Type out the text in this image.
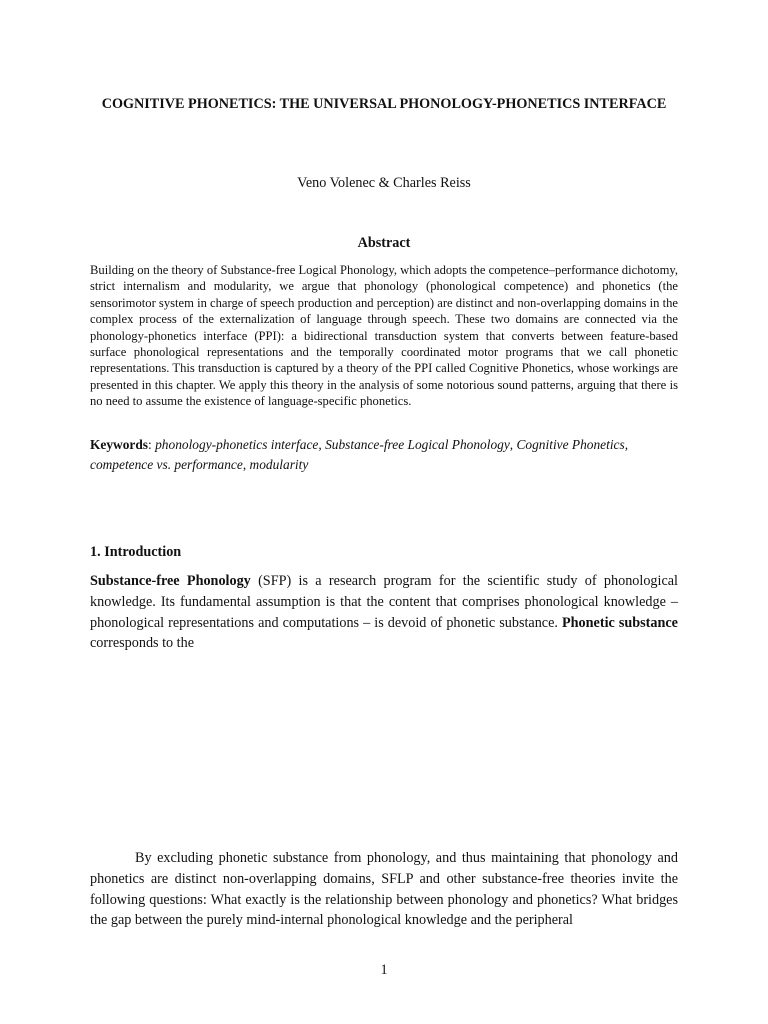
COGNITIVE PHONETICS: THE UNIVERSAL PHONOLOGY-PHONETICS INTERFACE
Veno Volenec & Charles Reiss
Abstract

Building on the theory of Substance-free Logical Phonology, which adopts the competence–performance dichotomy, strict internalism and modularity, we argue that phonology (phonological competence) and phonetics (the sensorimotor system in charge of speech production and perception) are distinct and non-overlapping domains in the complex process of the externalization of language through speech. These two domains are connected via the phonology-phonetics interface (PPI): a bidirectional transduction system that converts between feature-based surface phonological representations and the temporally coordinated motor programs that we call phonetic representations. This transduction is captured by a theory of the PPI called Cognitive Phonetics, whose workings are presented in this chapter. We apply this theory in the analysis of some notorious sound patterns, arguing that there is no need to assume the existence of language-specific phonetics.

Keywords: phonology-phonetics interface, Substance-free Logical Phonology, Cognitive Phonetics, competence vs. performance, modularity

1. Introduction

Substance-free Phonology (SFP) is a research program for the scientific study of phonological knowledge. Its fundamental assumption is that the content that comprises phonological knowledge – phonological representations and computations – is devoid of phonetic substance. Phonetic substance corresponds to the

By excluding phonetic substance from phonology, and thus maintaining that phonology and phonetics are distinct non-overlapping domains, SFLP and other substance-free theories invite the following questions: What exactly is the relationship between phonology and phonetics? What bridges the gap between the purely mind-internal phonological knowledge and the peripheral

1
